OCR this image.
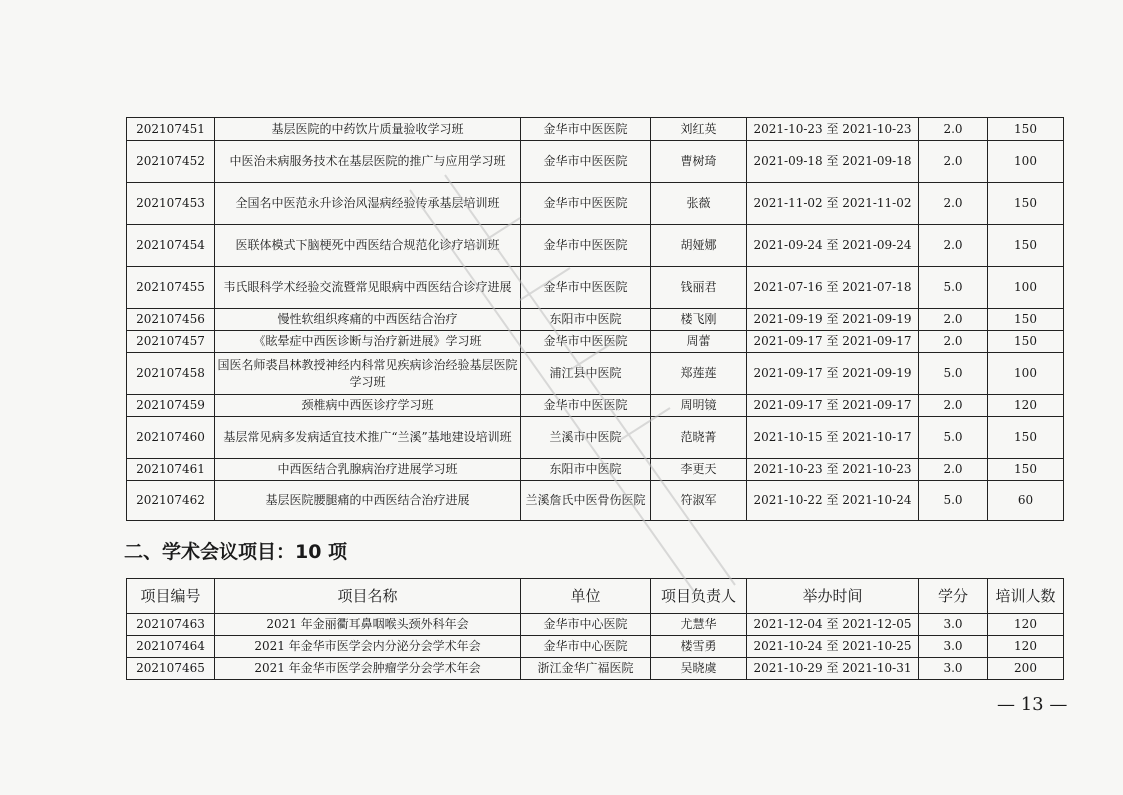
202107451	基层医院的中药饮片质量验收学习班	金华市中医医院	刘红英	2021-10-23 至 2021-10-23	2.0	150
202107452	中医治未病服务技术在基层医院的推广与应用学习班	金华市中医医院	曹树琦	2021-09-18 至 2021-09-18	2.0	100
202107453	全国名中医范永升诊治风湿病经验传承基层培训班	金华市中医医院	张薇	2021-11-02 至 2021-11-02	2.0	150
202107454	医联体模式下脑梗死中西医结合规范化诊疗培训班	金华市中医医院	胡娅娜	2021-09-24 至 2021-09-24	2.0	150
202107455	韦氏眼科学术经验交流暨常见眼病中西医结合诊疗进展	金华市中医医院	钱丽君	2021-07-16 至 2021-07-18	5.0	100
202107456	慢性软组织疼痛的中西医结合治疗	东阳市中医院	楼飞刚	2021-09-19 至 2021-09-19	2.0	150
202107457	《眩晕症中西医诊断与治疗新进展》学习班	金华市中医医院	周蕾	2021-09-17 至 2021-09-17	2.0	150
202107458	国医名师裘昌林教授神经内科常见疾病诊治经验基层医院学习班	浦江县中医院	郑莲莲	2021-09-17 至 2021-09-19	5.0	100
202107459	颈椎病中西医诊疗学习班	金华市中医医院	周明镜	2021-09-17 至 2021-09-17	2.0	120
202107460	基层常见病多发病适宜技术推广“兰溪”基地建设培训班	兰溪市中医院	范晓菁	2021-10-15 至 2021-10-17	5.0	150
202107461	中西医结合乳腺病治疗进展学习班	东阳市中医院	李更天	2021-10-23 至 2021-10-23	2.0	150
202107462	基层医院腰腿痛的中西医结合治疗进展	兰溪詹氏中医骨伤医院	符淑军	2021-10-22 至 2021-10-24	5.0	60
二、学术会议项目：10 项
项目编号	项目名称	单位	项目负责人	举办时间	学分	培训人数
202107463	2021 年金丽衢耳鼻咽喉头颈外科年会	金华市中心医院	尤慧华	2021-12-04 至 2021-12-05	3.0	120
202107464	2021 年金华市医学会内分泌分会学术年会	金华市中心医院	楼雪勇	2021-10-24 至 2021-10-25	3.0	120
202107465	2021 年金华市医学会肿瘤学分会学术年会	浙江金华广福医院	吴晓虞	2021-10-29 至 2021-10-31	3.0	200
— 13 —
